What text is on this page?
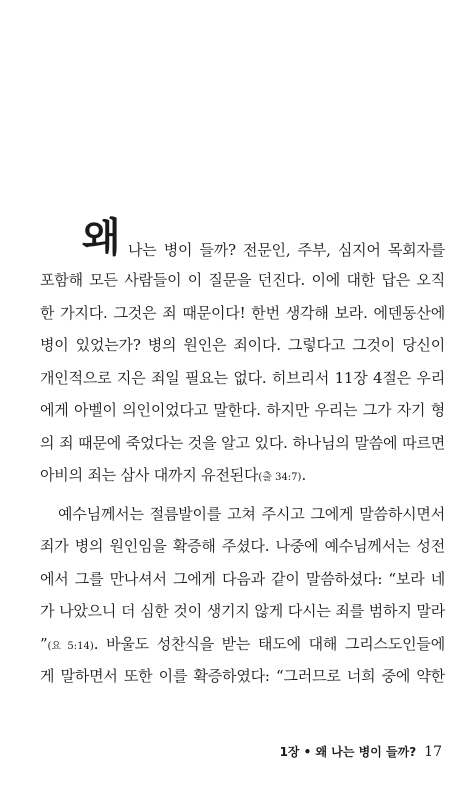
왜 나는 병이 들까? 전문인, 주부, 심지어 목회자를
포함해 모든 사람들이 이 질문을 던진다. 이에 대한 답은 오직
한 가지다. 그것은 죄 때문이다! 한번 생각해 보라. 에덴동산에
병이 있었는가? 병의 원인은 죄이다. 그렇다고 그것이 당신이
개인적으로 지은 죄일 필요는 없다. 히브리서 11장 4절은 우리
에게 아벨이 의인이었다고 말한다. 하지만 우리는 그가 자기 형
의 죄 때문에 죽었다는 것을 알고 있다. 하나님의 말씀에 따르면
아비의 죄는 삼사 대까지 유전된다(출 34:7).
예수님께서는 절름발이를 고쳐 주시고 그에게 말씀하시면서
죄가 병의 원인임을 확증해 주셨다. 나중에 예수님께서는 성전
에서 그를 만나셔서 그에게 다음과 같이 말씀하셨다: “보라 네
가 나았으니 더 심한 것이 생기지 않게 다시는 죄를 범하지 말라
”(요 5:14). 바울도 성찬식을 받는 태도에 대해 그리스도인들에
게 말하면서 또한 이를 확증하였다: “그러므로 너희 중에 약한
1장 • 왜 나는 병이 들까? 17
